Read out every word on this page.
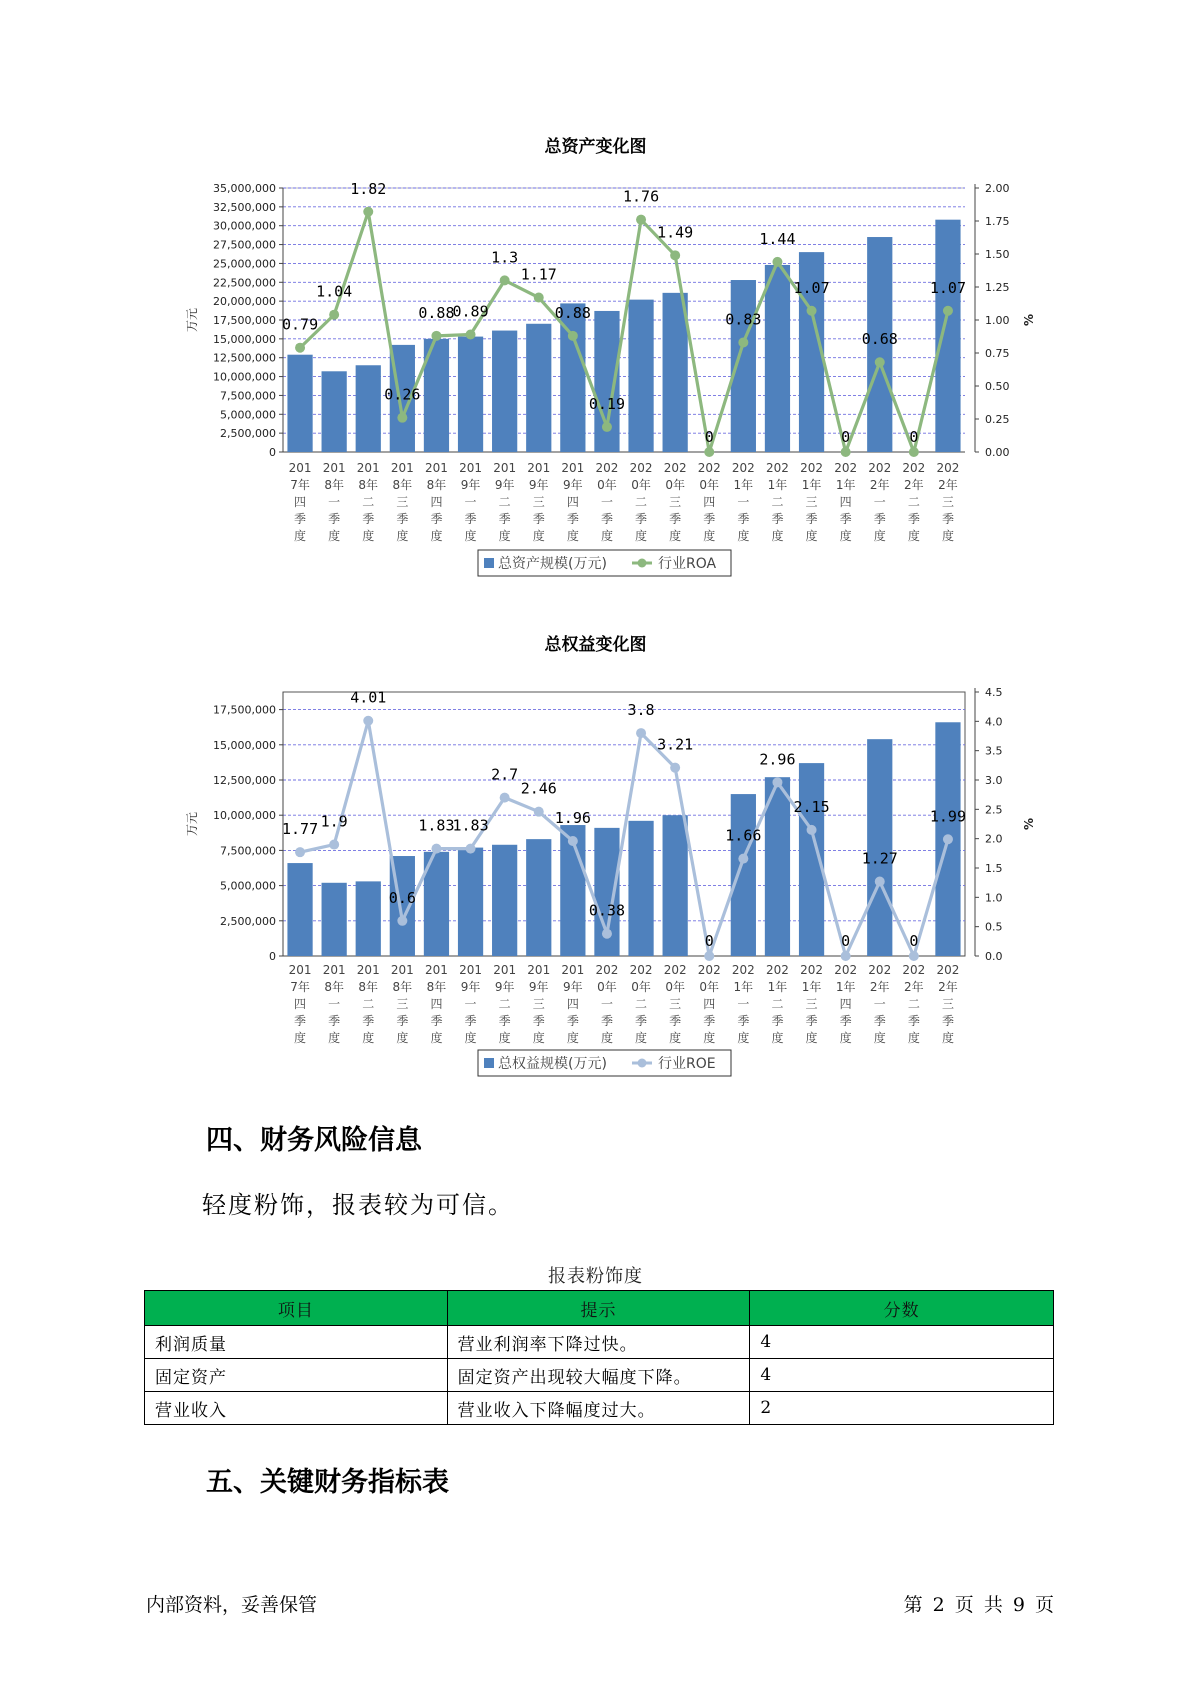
总资产变化图
35,000,000
32,500,000
30,000,000
27,500,000
25,000,000
22,500,000
20,000,000
17,500,000
15,000,000
12,500,000
10,000,000
7,500,000
5,000,000
2,500,000
0
2.00
1.75
1.50
1.25
1.00
0.75
0.50
0.25
0.00
万元	%
201
7年
四
季
度
201
8年
一
季
度
201
8年
二
季
度
201
8年
三
季
度
201
8年
四
季
度
201
9年
一
季
度
201
9年
二
季
度
201
9年
三
季
度
201
9年
四
季
度
202
0年
一
季
度
202
0年
二
季
度
202
0年
三
季
度
202
0年
四
季
度
202
1年
一
季
度
202
1年
二
季
度
202
1年
三
季
度
202
1年
四
季
度
202
2年
一
季
度
202
2年
二
季
度
202
2年
三
季
度
0.79
1.04
1.82
0.26
0.88
0.89
1.3
1.17
0.88
0.19
1.76
1.49
0
0.83
1.44
1.07
0
0.68
0
1.07
总资产规模(万元)	行业ROA
总权益变化图
17,500,000
15,000,000
12,500,000
10,000,000
7,500,000
5,000,000
2,500,000
0
4.5
4.0
3.5
3.0
2.5
2.0
1.5
1.0
0.5
0.0
万元	%
201
7年
四
季
度
201
8年
一
季
度
201
8年
二
季
度
201
8年
三
季
度
201
8年
四
季
度
201
9年
一
季
度
201
9年
二
季
度
201
9年
三
季
度
201
9年
四
季
度
202
0年
一
季
度
202
0年
二
季
度
202
0年
三
季
度
202
0年
四
季
度
202
1年
一
季
度
202
1年
二
季
度
202
1年
三
季
度
202
1年
四
季
度
202
2年
一
季
度
202
2年
二
季
度
202
2年
三
季
度
1.77 1.9
4.01
0.6
1.83
1.83
2.7
2.46
1.96
0.38
3.8
3.21
0
1.66
2.96
2.15
0
1.27
0
1.99
总权益规模(万元)	行业ROE
四、财务风险信息
轻度粉饰，报表较为可信。
报表粉饰度
项目	提示	分数
利润质量	营业利润率下降过快。	4
固定资产	固定资产出现较大幅度下降。	4
营业收入	营业收入下降幅度过大。	2
五、关键财务指标表
内部资料，妥善保管	第 2 页 共 9 页
